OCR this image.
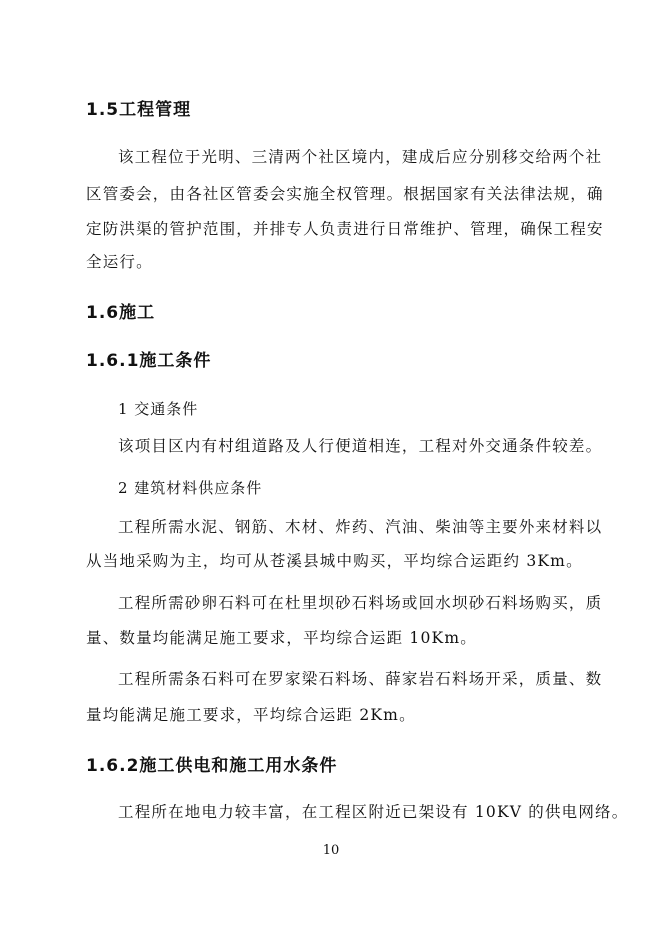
1.5工程管理

该工程位于光明、三清两个社区境内，建成后应分别移交给两个社

区管委会，由各社区管委会实施全权管理。根据国家有关法律法规，确

定防洪渠的管护范围，并排专人负责进行日常维护、管理，确保工程安

全运行。

1.6施工
1.6.1施工条件

1 交通条件

该项目区内有村组道路及人行便道相连，工程对外交通条件较差。

2 建筑材料供应条件

工程所需水泥、钢筋、木材、炸药、汽油、柴油等主要外来材料以

从当地采购为主，均可从苍溪县城中购买，平均综合运距约 3Km。

工程所需砂卵石料可在杜里坝砂石料场或回水坝砂石料场购买，质

量、数量均能满足施工要求，平均综合运距 10Km。

工程所需条石料可在罗家梁石料场、薛家岩石料场开采，质量、数

量均能满足施工要求，平均综合运距 2Km。

1.6.2施工供电和施工用水条件

工程所在地电力较丰富，在工程区附近已架设有 10KV 的供电网络。

10
